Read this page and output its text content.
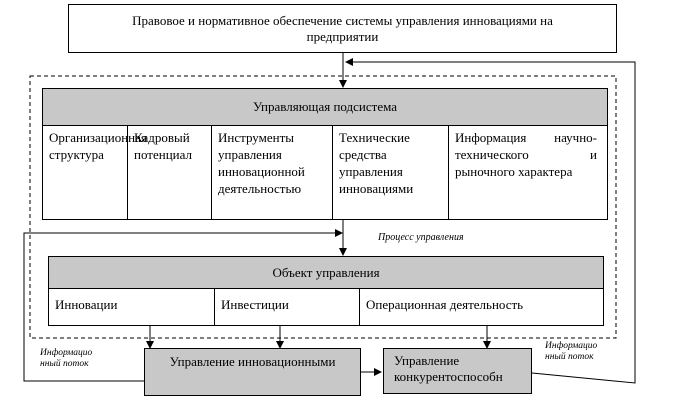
Правовое и нормативное обеспечение системы управления инновациями на предприятии
Управляющая подсистема
Организационная структура
Кадровый потенциал
Инструменты управления инновационной деятельностью
Технические средства управления инновациями
Информация научно-технического и рыночного характера
Процесс управления
Объект управления
Инновации	Инвестиции	Операционная деятельность
Информацио
нный поток
Информацио
нный поток
Управление инновационными	Управление конкурентоспособн
